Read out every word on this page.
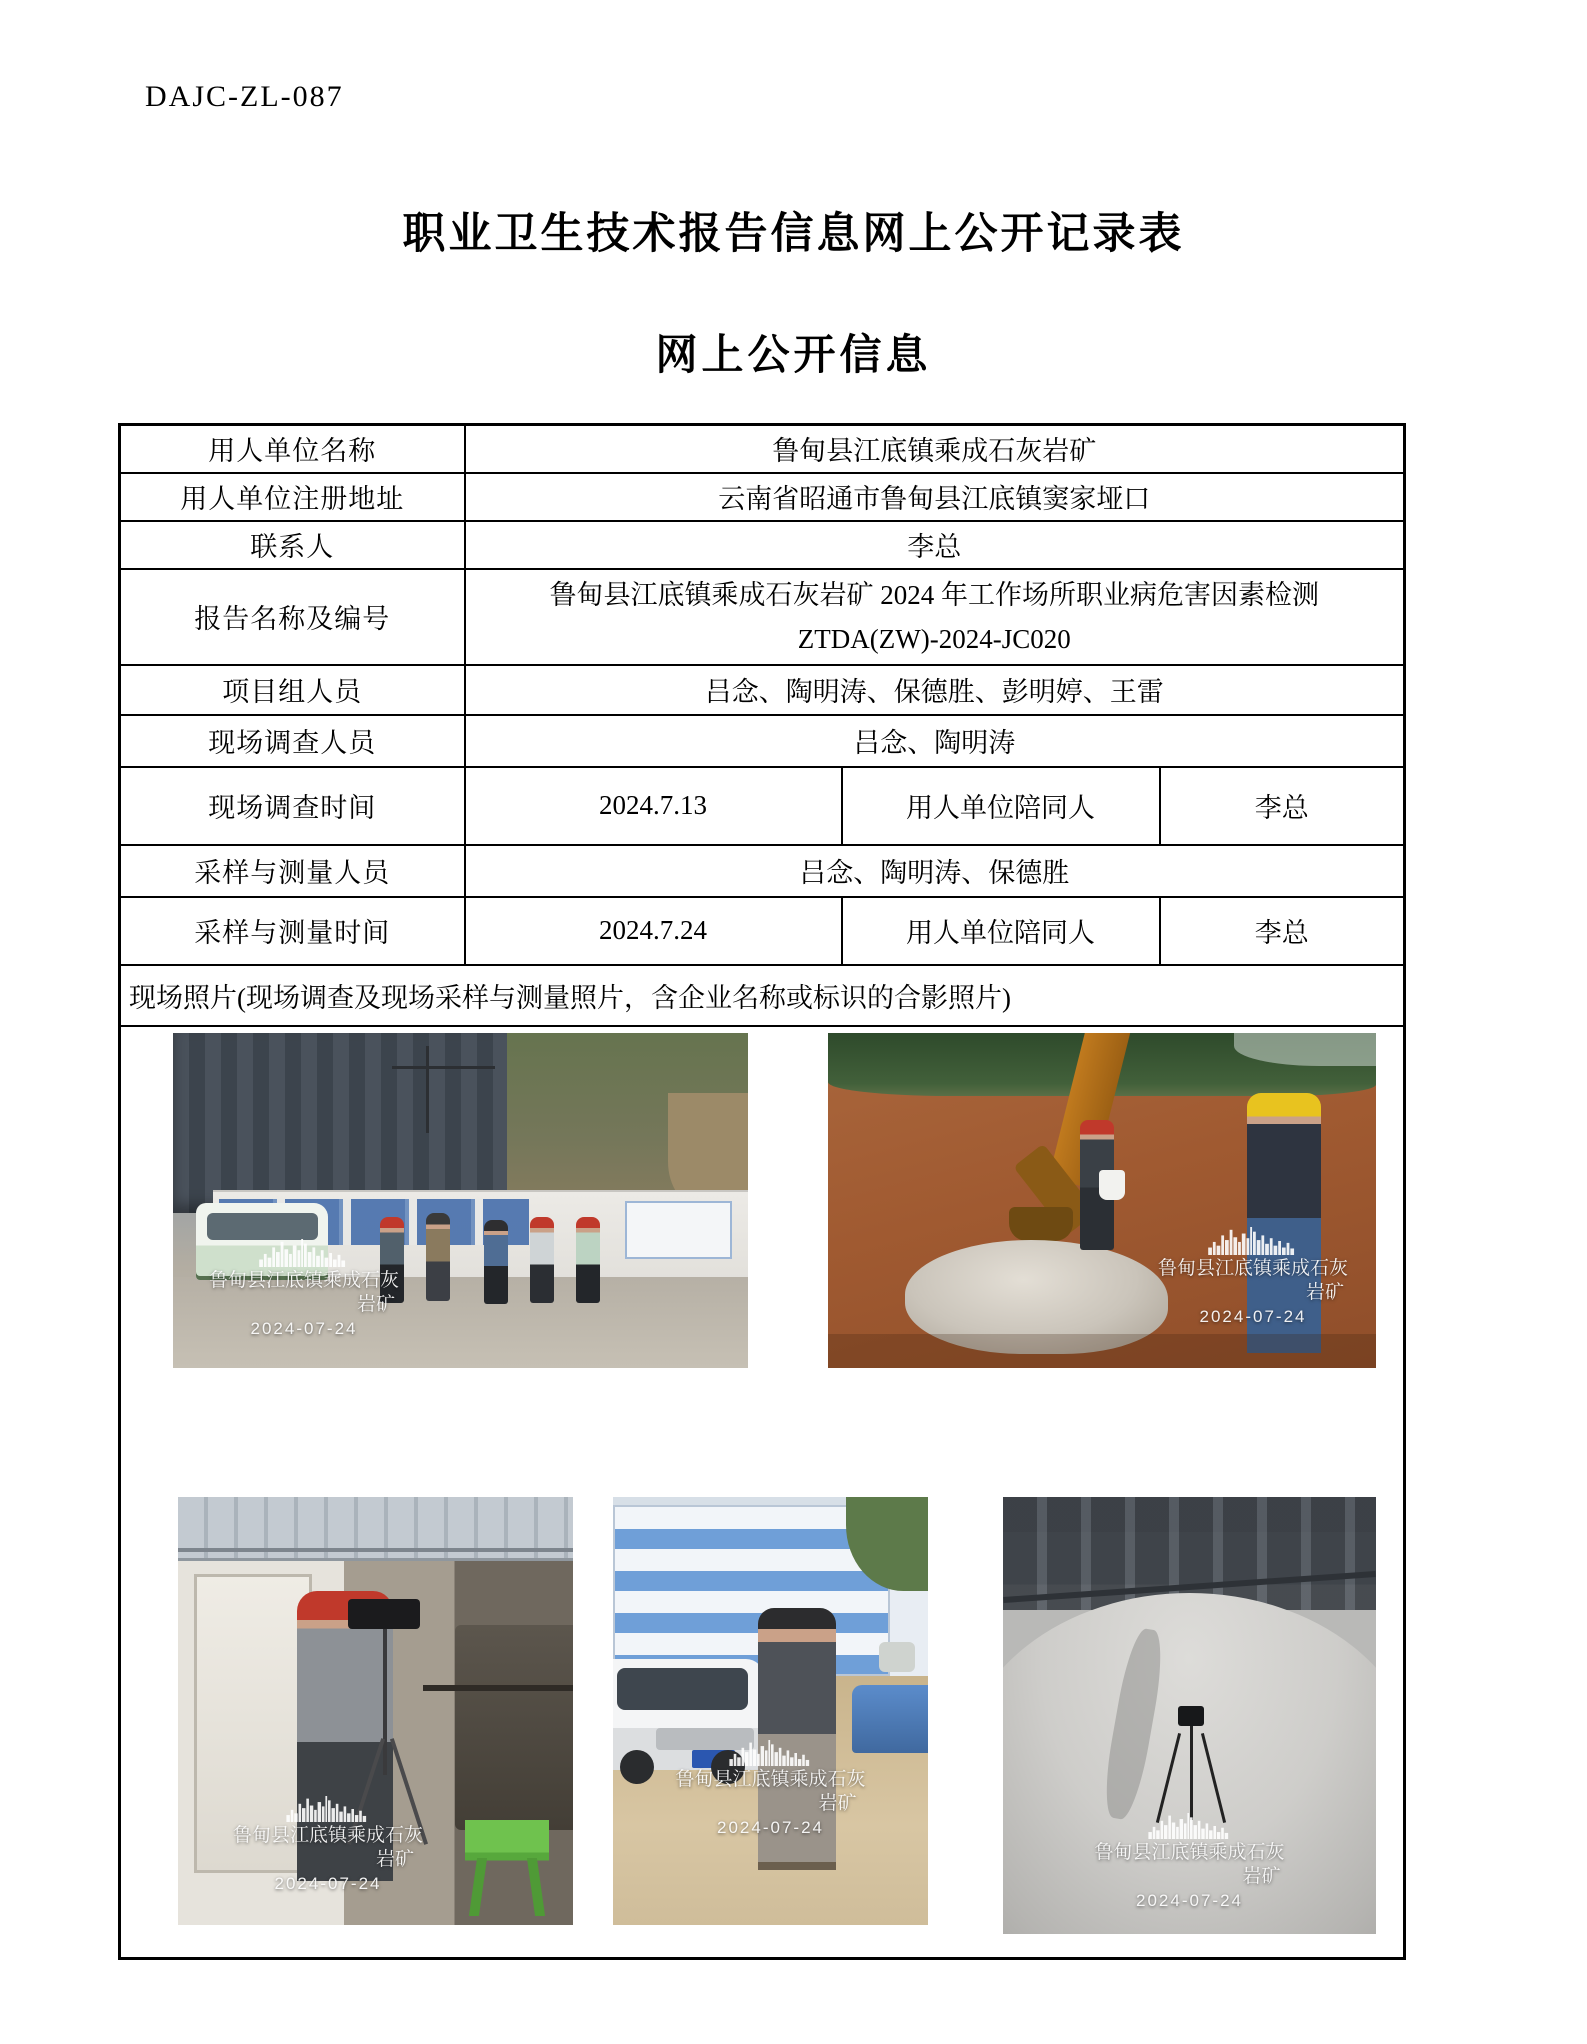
DAJC-ZL-087
职业卫生技术报告信息网上公开记录表
网上公开信息
用人单位名称	鲁甸县江底镇乘成石灰岩矿		
用人单位注册地址	云南省昭通市鲁甸县江底镇窦家垭口		
联系人	李总		
报告名称及编号	鲁甸县江底镇乘成石灰岩矿 2024 年工作场所职业病危害因素检测
ZTDA(ZW)-2024-JC020		

项目组人员	吕念、陶明涛、保德胜、彭明婷、王雷		
现场调查人员	吕念、陶明涛		
现场调查时间	2024.7.13	用人单位陪同人	李总
采样与测量人员	吕念、陶明涛、保德胜		
采样与测量时间	2024.7.24	用人单位陪同人	李总
现场照片(现场调查及现场采样与测量照片，含企业名称或标识的合影照片)			

鲁甸县江底镇乘成石灰
岩矿
2024-07-24
鲁甸县江底镇乘成石灰
岩矿
2024-07-24
鲁甸县江底镇乘成石灰
岩矿
2024-07-24
鲁甸县江底镇乘成石灰
岩矿
2024-07-24
鲁甸县江底镇乘成石灰
岩矿
2024-07-24
